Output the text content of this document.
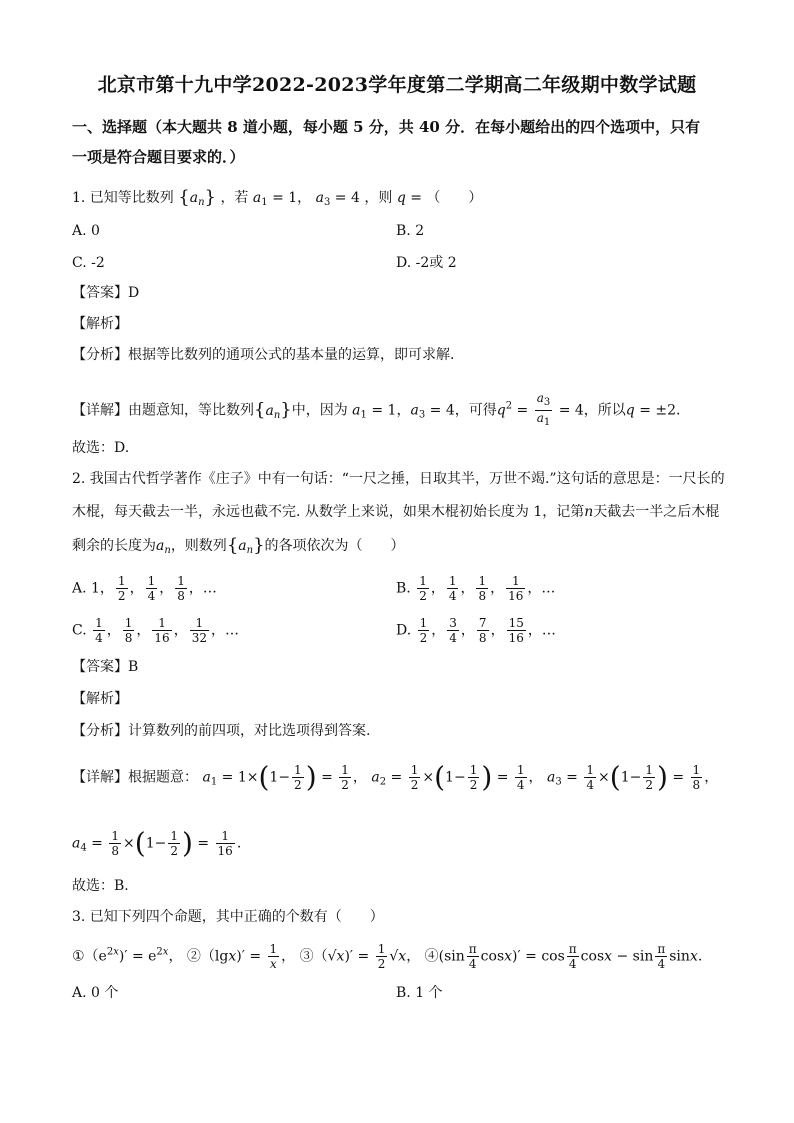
北京市第十九中学2022-2023学年度第二学期高二年级期中数学试题
一、选择题（本大题共 8 道小题，每小题 5 分，共 40 分．在每小题给出的四个选项中，只有
一项是符合题目要求的．）
1. 已知等比数列 $\{a_n\}$ ，若 $a_1 = 1$， $a_3 = 4$ ，则 q = （　　）
A. 0	B. 2
C. -2	D. -2或 2
【答案】D
【解析】
【分析】根据等比数列的通项公式的基本量的运算，即可求解.
【详解】由题意知，等比数列$\{a_n\}$中，因为 $a_1 = 1$，$a_3 = 4$，可得$q^2 = \frac{a_3}{a_1} = 4$，所以q = ±2.
故选：D.
2. 我国古代哲学著作《庄子》中有一句话：“一尺之捶，日取其半，万世不竭.”这句话的意思是：一尺长的
木棍，每天截去一半，永远也截不完. 从数学上来说，如果木棍初始长度为 1，记第n天截去一半之后木棍
剩余的长度为$a_n$，则数列$\{a_n\}$的各项依次为（　　）
A. 1， $\frac{1}{2}$ ， $\frac{1}{4}$ ， $\frac{1}{8}$ ，…	B. $\frac{1}{2}$ ， $\frac{1}{4}$ ， $\frac{1}{8}$ ， $\frac{1}{16}$ ，…
C. $\frac{1}{4}$ ， $\frac{1}{8}$ ， $\frac{1}{16}$ ， $\frac{1}{32}$ ，…	D. $\frac{1}{2}$ ， $\frac{3}{4}$ ， $\frac{7}{8}$ ， $\frac{15}{16}$ ，…
【答案】B
【解析】
【分析】计算数列的前四项，对比选项得到答案.
【详解】根据题意： $a_1 = 1\times(1- \frac{1}{2}$ ) = $\frac{1}{2}$ ， $a_2 = \frac{1}{2} \times(1- \frac{1}{2}$ ) = $\frac{1}{4}$ ， $a_3 = \frac{1}{4} \times(1- \frac{1}{2}$ ) = $\frac{1}{8}$ ，
$a_4 = \frac{1}{8} \times(1- \frac{1}{2}$ ) = $\frac{1}{16}$ .
故选：B.
3. 已知下列四个命题，其中正确的个数有（　　）
$①(e^{2x})' = e^{2x}$， ②（lgx)′ = $\frac{1}{x}$ ， ③（√x)′ = $\frac{1}{2} √x$， ④(sin $\frac{\pi}{4} \cos x)' = \cos \frac{\pi}{4}$ $\cos x - \sin \frac{\pi}{4} \sin x$.
A. 0 个	B. 1 个
